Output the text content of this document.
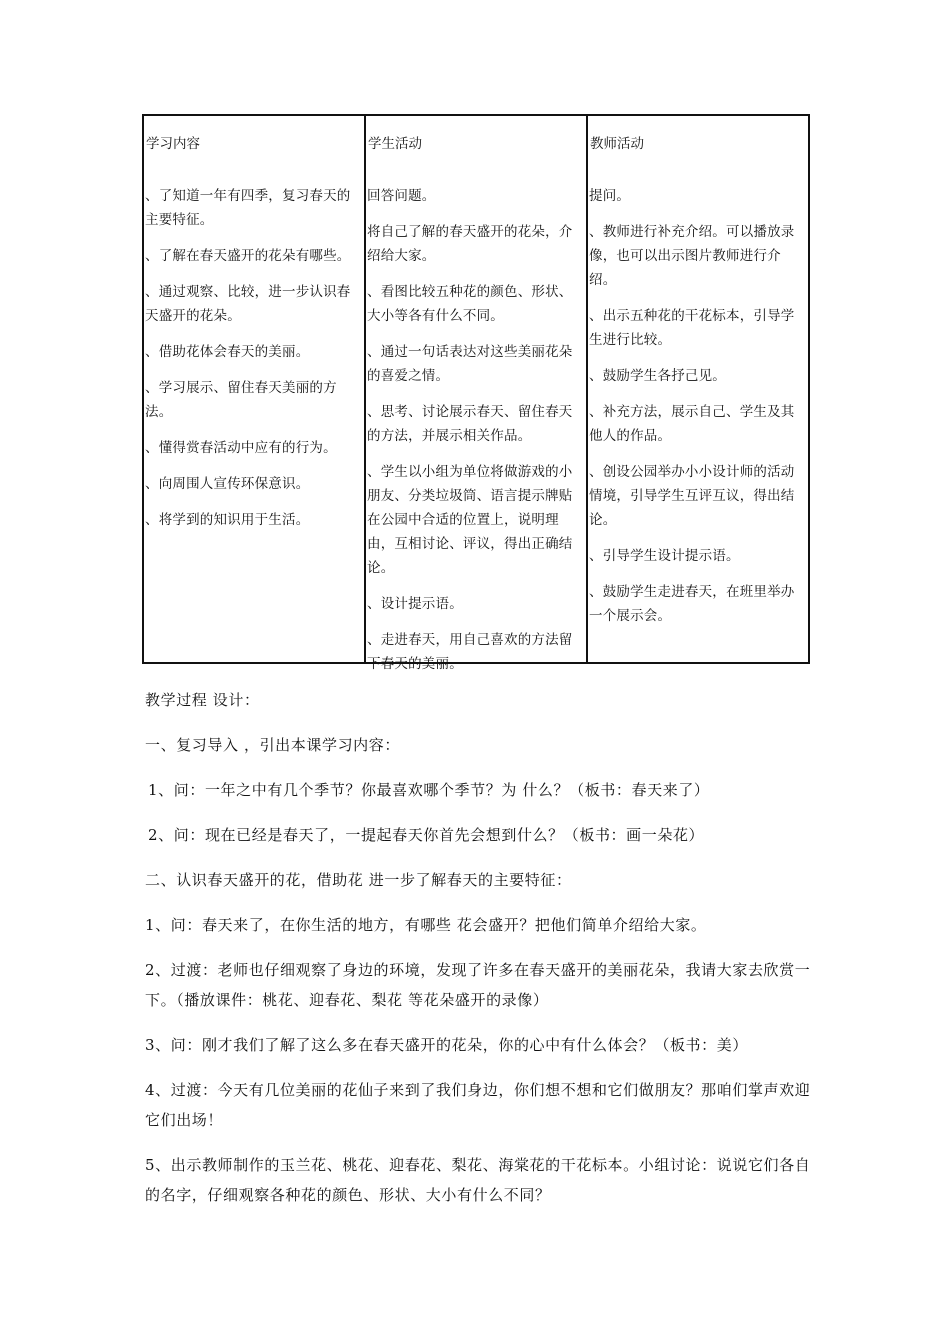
学习内容
、了知道一年有四季，复习春天的主要特征。
、了解在春天盛开的花朵有哪些。
、通过观察、比较，进一步认识春天盛开的花朵。
、借助花体会春天的美丽。
、学习展示、留住春天美丽的方法。
、懂得赏春活动中应有的行为。
、向周围人宣传环保意识。
、将学到的知识用于生活。
学生活动
回答问题。
将自己了解的春天盛开的花朵，介绍给大家。
、看图比较五种花的颜色、形状、大小等各有什么不同。
、通过一句话表达对这些美丽花朵的喜爱之情。
、思考、讨论展示春天、留住春天的方法，并展示相关作品。
、学生以小组为单位将做游戏的小朋友、分类垃圾筒、语言提示牌贴在公园中合适的位置上，说明理由，互相讨论、评议，得出正确结论。
、设计提示语。
、走进春天，用自己喜欢的方法留下春天的美丽。
教师活动
提问。
、教师进行补充介绍。可以播放录像，也可以出示图片教师进行介绍。
、出示五种花的干花标本，引导学生进行比较。
、鼓励学生各抒己见。
、补充方法，展示自己、学生及其他人的作品。
、创设公园举办小小设计师的活动情境，引导学生互评互议，得出结论。
、引导学生设计提示语。
、鼓励学生走进春天，在班里举办一个展示会。

教学过程 设计：

一、复习导入 ，引出本课学习内容：

1、问：一年之中有几个季节？你最喜欢哪个季节？为 什么？（板书：春天来了）

2、问：现在已经是春天了，一提起春天你首先会想到什么？（板书：画一朵花）

二、认识春天盛开的花，借助花 进一步了解春天的主要特征：

1、问：春天来了，在你生活的地方，有哪些 花会盛开？把他们简单介绍给大家。

2、过渡：老师也仔细观察了身边的环境，发现了许多在春天盛开的美丽花朵，我请大家去欣赏一下。（播放课件：桃花、迎春花、梨花 等花朵盛开的录像）

3、问：刚才我们了解了这么多在春天盛开的花朵，你的心中有什么体会？（板书：美）

4、过渡：今天有几位美丽的花仙子来到了我们身边，你们想不想和它们做朋友？那咱们掌声欢迎它们出场！

5、出示教师制作的玉兰花、桃花、迎春花、梨花、海棠花的干花标本。小组讨论：说说它们各自的名字，仔细观察各种花的颜色、形状、大小有什么不同？
